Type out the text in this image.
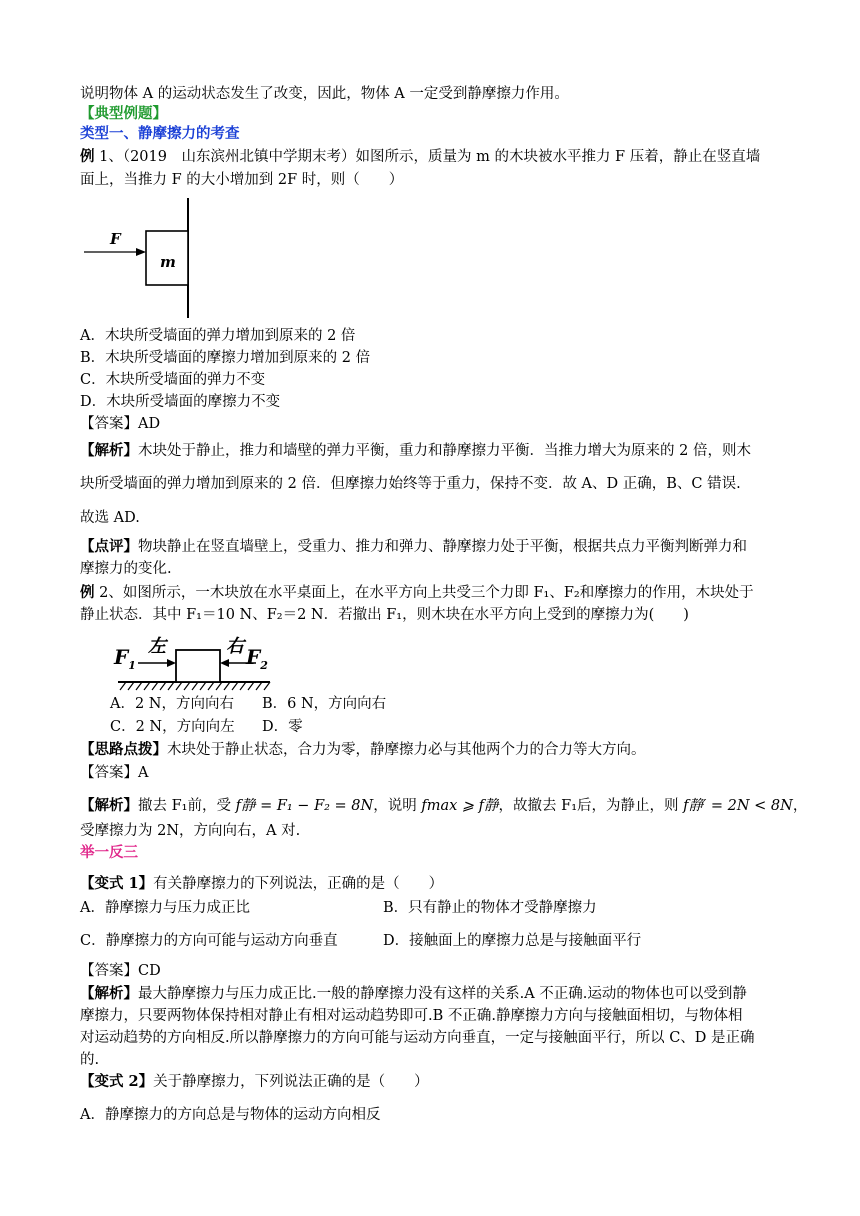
说明物体 A 的运动状态发生了改变，因此，物体 A 一定受到静摩擦力作用。
【典型例题】
类型一、静摩擦力的考查
例 1、（2019　山东滨州北镇中学期末考）如图所示，质量为 m 的木块被水平推力 F 压着，静止在竖直墙
面上，当推力 F 的大小增加到 2F 时，则（　　）
F
m
A．木块所受墙面的弹力增加到原来的 2 倍
B．木块所受墙面的摩擦力增加到原来的 2 倍
C．木块所受墙面的弹力不变
D．木块所受墙面的摩擦力不变
【答案】AD
【解析】木块处于静止，推力和墙壁的弹力平衡，重力和静摩擦力平衡．当推力增大为原来的 2 倍，则木
块所受墙面的弹力增加到原来的 2 倍．但摩擦力始终等于重力，保持不变．故 A、D 正确，B、C 错误.
故选 AD.
【点评】物块静止在竖直墙壁上，受重力、推力和弹力、静摩擦力处于平衡，根据共点力平衡判断弹力和
摩擦力的变化.
例 2、如图所示，一木块放在水平桌面上，在水平方向上共受三个力即 F₁、F₂和摩擦力的作用，木块处于
静止状态．其中 F₁＝10 N、F₂＝2 N．若撤出 F₁，则木块在水平方向上受到的摩擦力为(　　)
$F_1$
左	右 $F_2$
A．2 N，方向向右 B．6 N，方向向右
C．2 N，方向向左 D．零
【思路点拨】木块处于静止状态，合力为零，静摩擦力必与其他两个力的合力等大方向。
【答案】A
【解析】撤去 F₁前，受 f静 = F₁ − F₂ = 8N，说明 fmax ⩾ f静，故撤去 F₁后，为静止，则 f静′ = 2N < 8N，
受摩擦力为 2N，方向向右，A 对.
举一反三
【变式 1】有关静摩擦力的下列说法，正确的是（　　）
A．静摩擦力与压力成正比	B．只有静止的物体才受静摩擦力
C．静摩擦力的方向可能与运动方向垂直	D．接触面上的摩擦力总是与接触面平行
【答案】CD
【解析】最大静摩擦力与压力成正比.一般的静摩擦力没有这样的关系.A 不正确.运动的物体也可以受到静
摩擦力，只要两物体保持相对静止有相对运动趋势即可.B 不正确.静摩擦力方向与接触面相切，与物体相
对运动趋势的方向相反.所以静摩擦力的方向可能与运动方向垂直，一定与接触面平行，所以 C、D 是正确
的.
【变式 2】关于静摩擦力，下列说法正确的是（　　）
A．静摩擦力的方向总是与物体的运动方向相反
